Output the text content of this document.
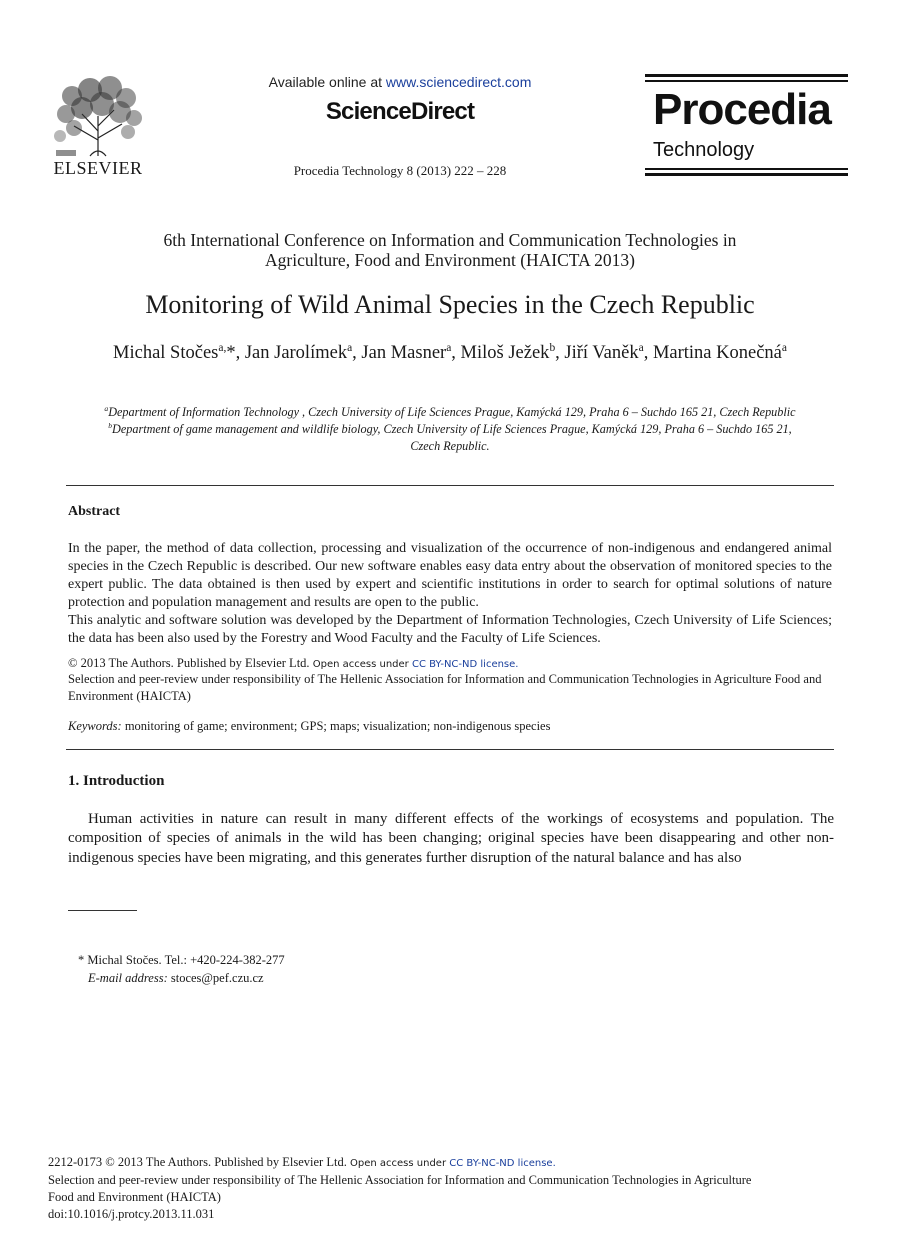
ELSEVIER
Available online at www.sciencedirect.com
ScienceDirect
Procedia Technology 8 (2013) 222 – 228
Procedia
Technology
6th International Conference on Information and Communication Technologies in
Agriculture, Food and Environment (HAICTA 2013)
Monitoring of Wild Animal Species in the Czech Republic
Michal Stočes$^{a,}$*, Jan Jarolímek$^a$, Jan Masner$^a$, Miloš Ježek$^b$, Jiří Vaněk$^a$, Martina Konečná$^a$
$^a$Department of Information Technology , Czech University of Life Sciences Prague, Kamýcká 129, Praha 6 – Suchdo 165 21, Czech Republic
$^b$Department of game management and wildlife biology, Czech University of Life Sciences Prague, Kamýcká 129, Praha 6 – Suchdo 165 21,
Czech Republic.
Abstract
In the paper, the method of data collection, processing and visualization of the occurrence of non-indigenous and endangered animal species in the Czech Republic is described. Our new software enables easy data entry about the observation of monitored species to the expert public. The data obtained is then used by expert and scientific institutions in order to search for optimal solutions of nature protection and population management and results are open to the public.
This analytic and software solution was developed by the Department of Information Technologies, Czech University of Life Sciences; the data has been also used by the Forestry and Wood Faculty and the Faculty of Life Sciences.
© 2013 The Authors. Published by Elsevier Ltd. Open access under CC BY-NC-ND license.
Selection and peer-review under responsibility of The Hellenic Association for Information and Communication Technologies in Agriculture Food and Environment (HAICTA)
Keywords: monitoring of game; environment; GPS; maps; visualization; non-indigenous species
1. Introduction
Human activities in nature can result in many different effects of the workings of ecosystems and population. The composition of species of animals in the wild has been changing; original species have been disappearing and other non-indigenous species have been migrating, and this generates further disruption of the natural balance and has also
* Michal Stočes. Tel.: +420-224-382-277
E-mail address: stoces@pef.czu.cz
2212-0173 © 2013 The Authors. Published by Elsevier Ltd. Open access under CC BY-NC-ND license.
Selection and peer-review under responsibility of The Hellenic Association for Information and Communication Technologies in Agriculture
Food and Environment (HAICTA)
doi:10.1016/j.protcy.2013.11.031
